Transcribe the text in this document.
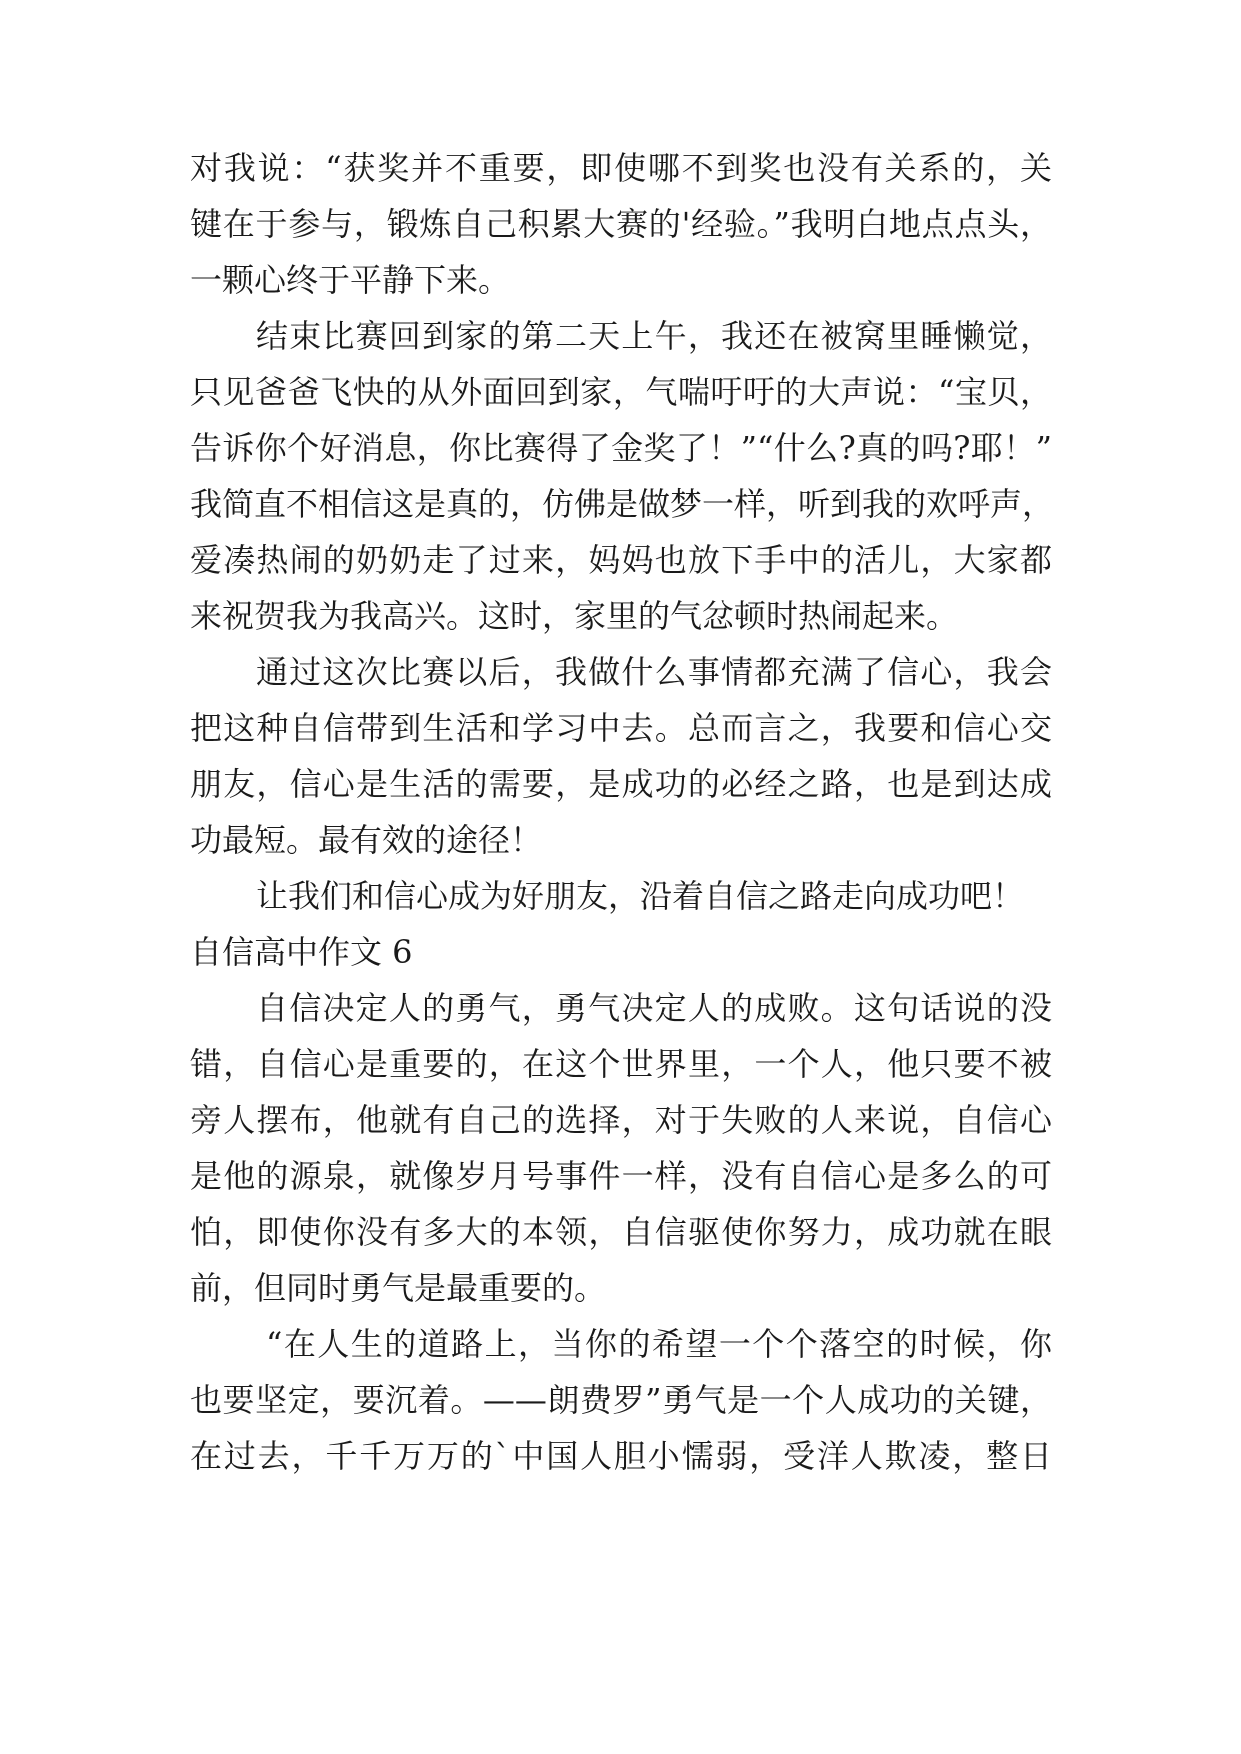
对我说：“获奖并不重要，即使哪不到奖也没有关系的，关

键在于参与，锻炼自己积累大赛的'经验。”我明白地点点头，

一颗心终于平静下来。

结束比赛回到家的第二天上午，我还在被窝里睡懒觉，

只见爸爸飞快的从外面回到家，气喘吁吁的大声说：“宝贝，

告诉你个好消息，你比赛得了金奖了！”“什么?真的吗?耶！”

我简直不相信这是真的，仿佛是做梦一样，听到我的欢呼声，

爱凑热闹的奶奶走了过来，妈妈也放下手中的活儿，大家都

来祝贺我为我高兴。这时，家里的气忿顿时热闹起来。

通过这次比赛以后，我做什么事情都充满了信心，我会

把这种自信带到生活和学习中去。总而言之，我要和信心交

朋友，信心是生活的需要，是成功的必经之路，也是到达成

功最短。最有效的途径！

让我们和信心成为好朋友，沿着自信之路走向成功吧！

自信高中作文 6

自信决定人的勇气，勇气决定人的成败。这句话说的没

错，自信心是重要的，在这个世界里，一个人，他只要不被

旁人摆布，他就有自己的选择，对于失败的人来说，自信心

是他的源泉，就像岁月号事件一样，没有自信心是多么的可

怕，即使你没有多大的本领，自信驱使你努力，成功就在眼

前，但同时勇气是最重要的。

“在人生的道路上，当你的希望一个个落空的时候，你

也要坚定，要沉着。——朗费罗”勇气是一个人成功的关键，

在过去，千千万万的`中国人胆小懦弱，受洋人欺凌，整日
